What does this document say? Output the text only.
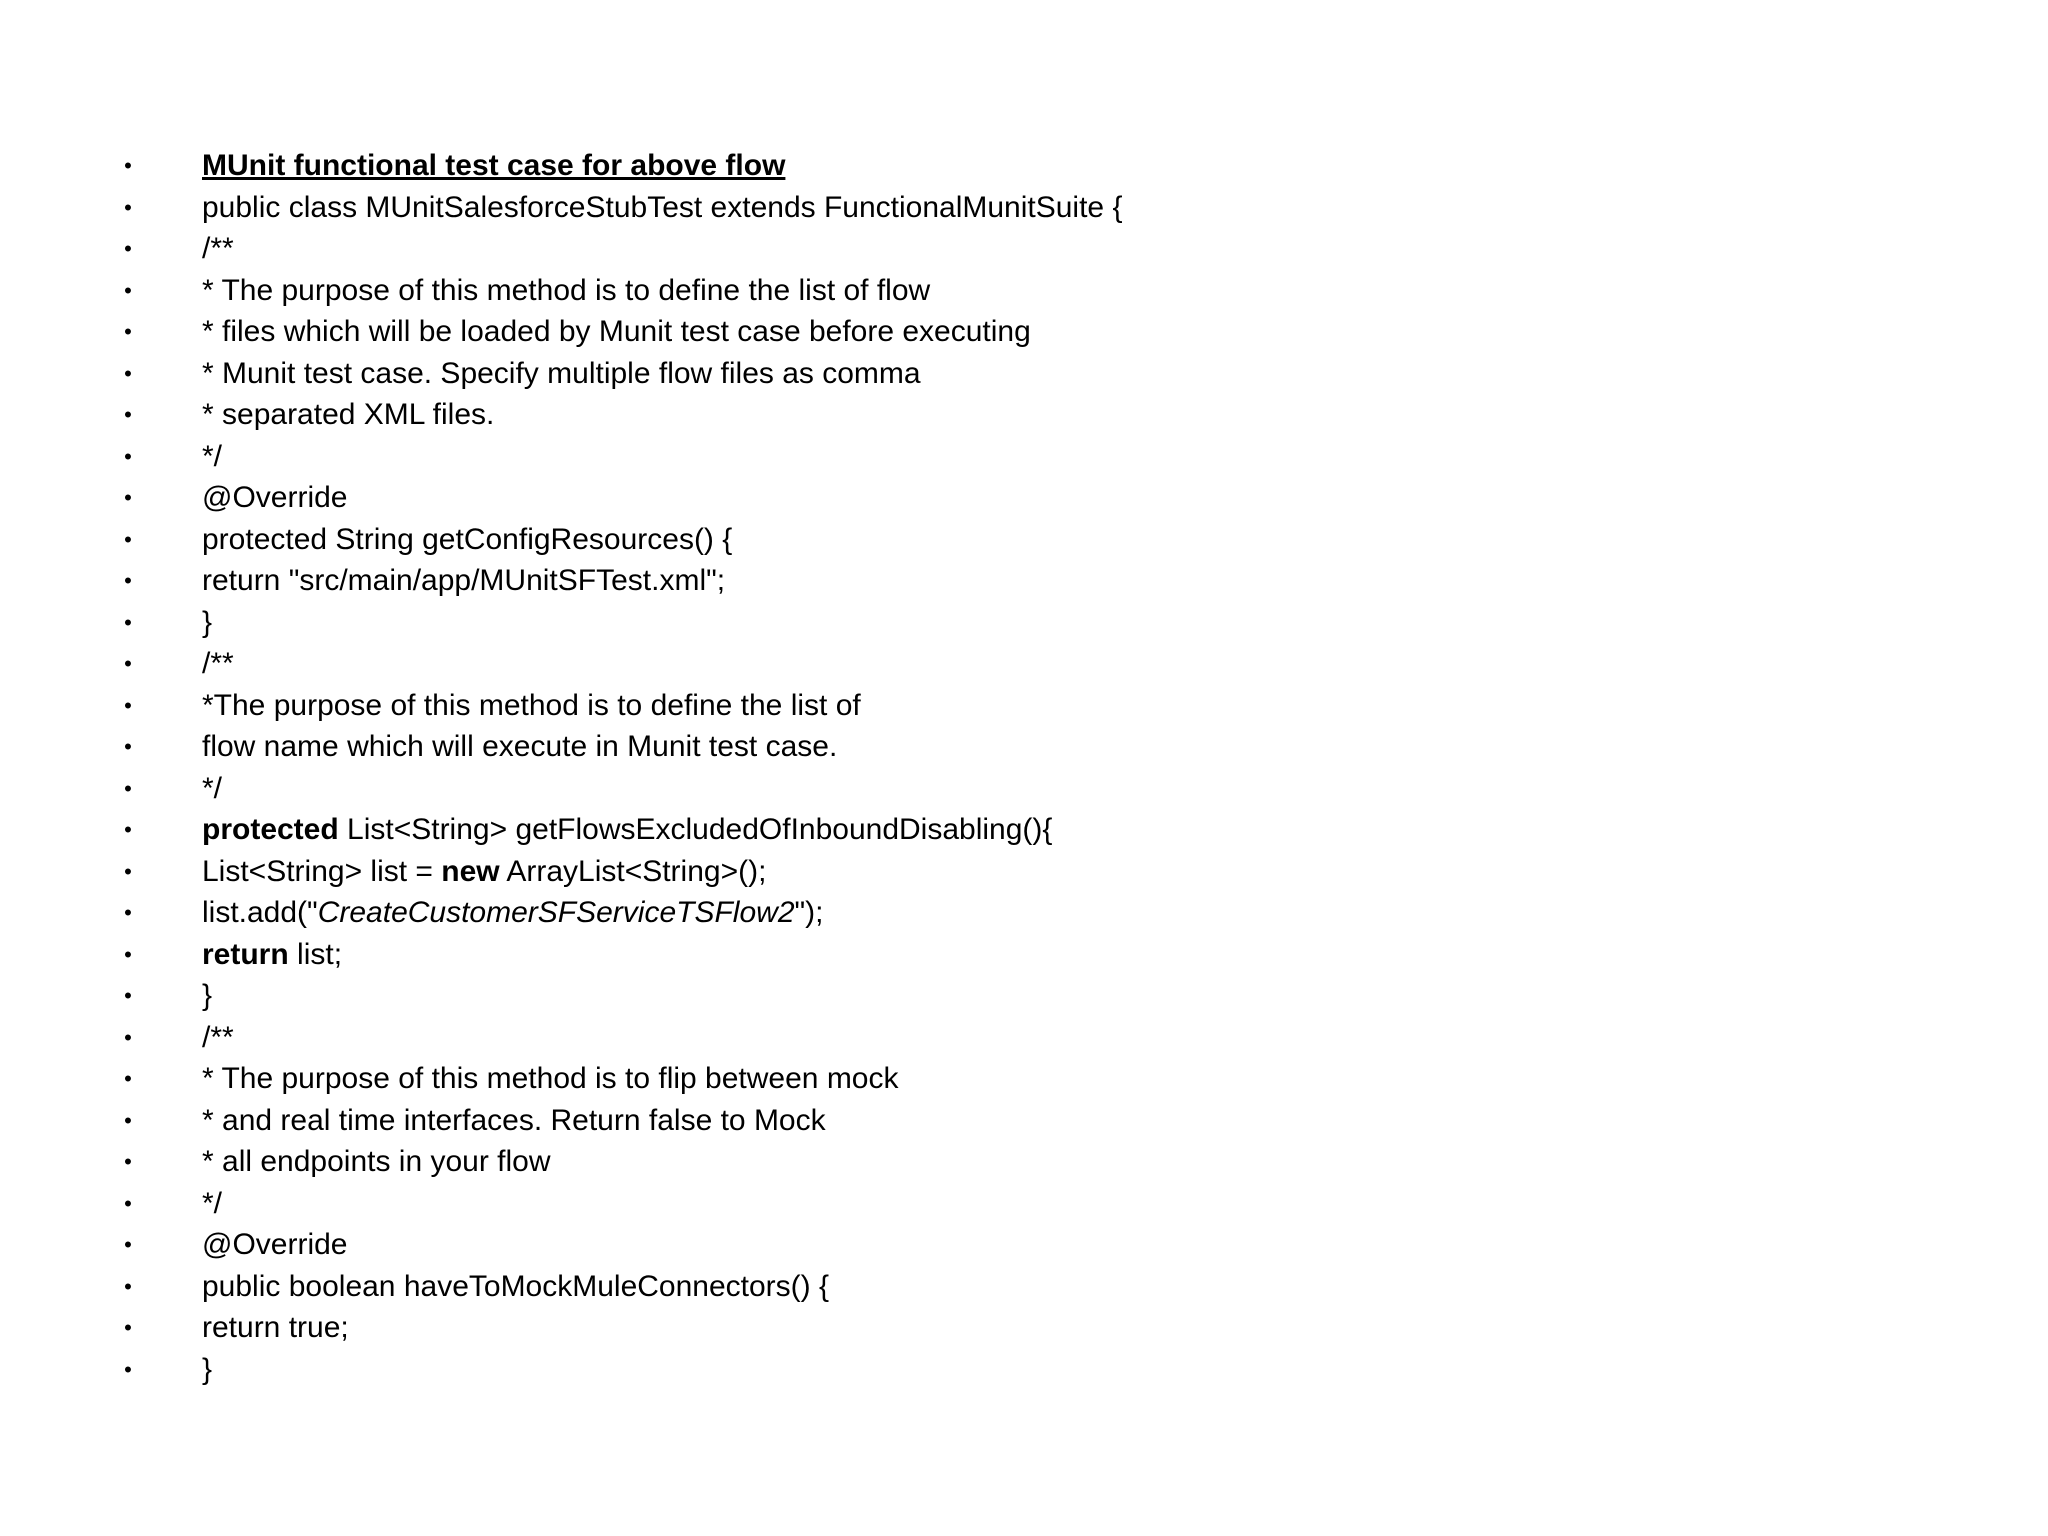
•

MUnit functional test case for above flow

•

public class MUnitSalesforceStubTest extends FunctionalMunitSuite {

•

/**

•

* The purpose of this method is to define the list of flow

•

* files which will be loaded by Munit test case before executing

•

* Munit test case. Specify multiple flow files as comma

•

* separated XML files.

•

*/

•

@Override

•

protected String getConfigResources() {

•

return "src/main/app/MUnitSFTest.xml";

•

}

•

/**

•

*The purpose of this method is to define the list of

•

flow name which will execute in Munit test case.

•

*/

•

protected List<String> getFlowsExcludedOfInboundDisabling(){

•

List<String> list = new ArrayList<String>();

•

list.add("CreateCustomerSFServiceTSFlow2");

•

return list;

•

}

•

/**

•

* The purpose of this method is to flip between mock

•

* and real time interfaces. Return false to Mock

•

* all endpoints in your flow

•

*/

•

@Override

•

public boolean haveToMockMuleConnectors() {

•

return true;

•

}
